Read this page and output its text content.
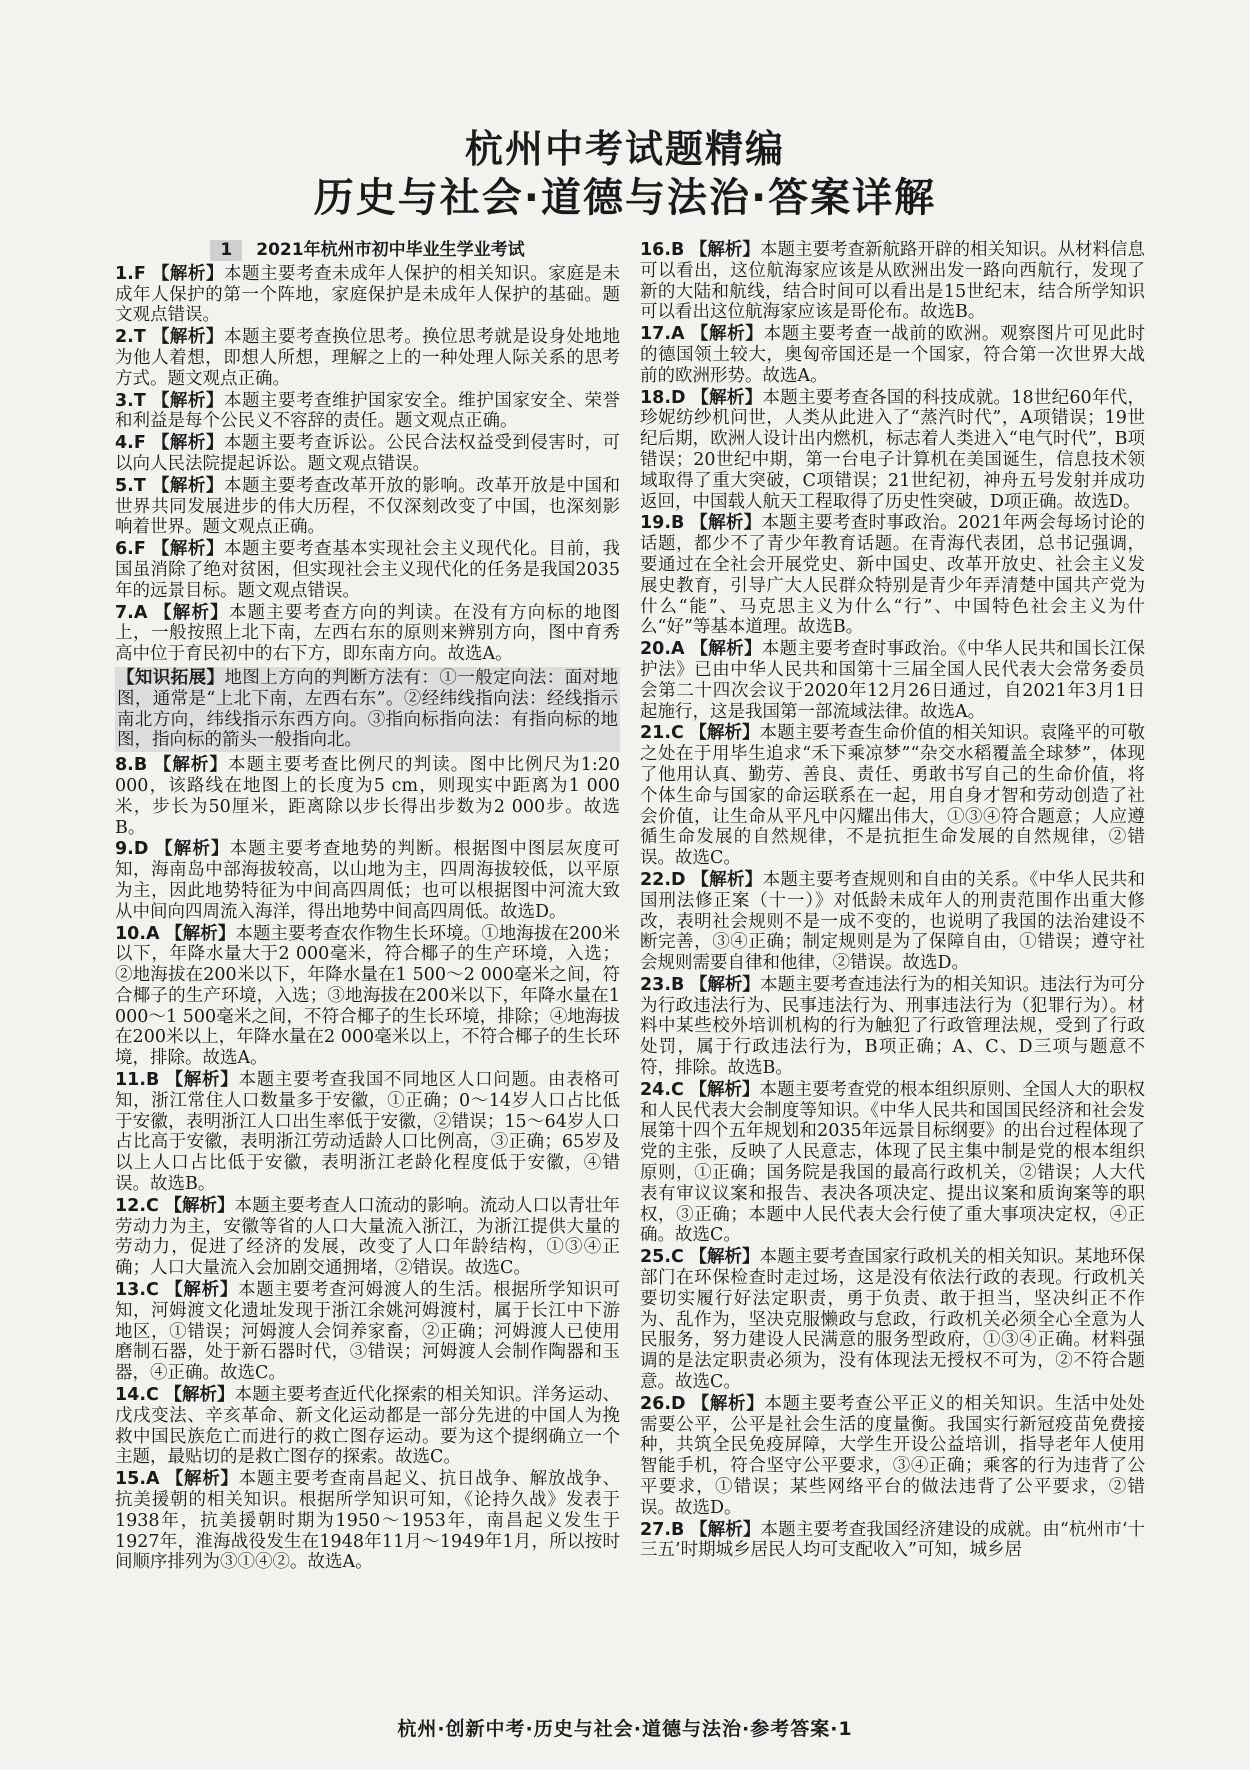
杭州中考试题精编
历史与社会·道德与法治·答案详解
1 2021年杭州市初中毕业生学业考试

1.F 【解析】本题主要考查未成年人保护的相关知识。家庭是未成年人保护的第一个阵地，家庭保护是未成年人保护的基础。题文观点错误。

2.T 【解析】本题主要考查换位思考。换位思考就是设身处地地为他人着想，即想人所想，理解之上的一种处理人际关系的思考方式。题文观点正确。

3.T 【解析】本题主要考查维护国家安全。维护国家安全、荣誉和利益是每个公民义不容辞的责任。题文观点正确。

4.F 【解析】本题主要考查诉讼。公民合法权益受到侵害时，可以向人民法院提起诉讼。题文观点错误。

5.T 【解析】本题主要考查改革开放的影响。改革开放是中国和世界共同发展进步的伟大历程，不仅深刻改变了中国，也深刻影响着世界。题文观点正确。

6.F 【解析】本题主要考查基本实现社会主义现代化。目前，我国虽消除了绝对贫困，但实现社会主义现代化的任务是我国2035年的远景目标。题文观点错误。

7.A 【解析】本题主要考查方向的判读。在没有方向标的地图上，一般按照上北下南，左西右东的原则来辨别方向，图中育秀高中位于育民初中的右下方，即东南方向。故选A。

【知识拓展】地图上方向的判断方法有：①一般定向法：面对地图，通常是“上北下南，左西右东”。②经纬线指向法：经线指示南北方向，纬线指示东西方向。③指向标指向法：有指向标的地图，指向标的箭头一般指向北。

8.B 【解析】本题主要考查比例尺的判读。图中比例尺为1:20 000，该路线在地图上的长度为5 cm，则现实中距离为1 000米，步长为50厘米，距离除以步长得出步数为2 000步。故选B。

9.D 【解析】本题主要考查地势的判断。根据图中图层灰度可知，海南岛中部海拔较高，以山地为主，四周海拔较低，以平原为主，因此地势特征为中间高四周低；也可以根据图中河流大致从中间向四周流入海洋，得出地势中间高四周低。故选D。

10.A 【解析】本题主要考查农作物生长环境。①地海拔在200米以下，年降水量大于2 000毫米，符合椰子的生产环境，入选；②地海拔在200米以下，年降水量在1 500～2 000毫米之间，符合椰子的生产环境，入选；③地海拔在200米以下，年降水量在1 000～1 500毫米之间，不符合椰子的生长环境，排除；④地海拔在200米以上，年降水量在2 000毫米以上，不符合椰子的生长环境，排除。故选A。

11.B 【解析】本题主要考查我国不同地区人口问题。由表格可知，浙江常住人口数量多于安徽，①正确；0～14岁人口占比低于安徽，表明浙江人口出生率低于安徽，②错误；15～64岁人口占比高于安徽，表明浙江劳动适龄人口比例高，③正确；65岁及以上人口占比低于安徽，表明浙江老龄化程度低于安徽，④错误。故选B。

12.C 【解析】本题主要考查人口流动的影响。流动人口以青壮年劳动力为主，安徽等省的人口大量流入浙江，为浙江提供大量的劳动力，促进了经济的发展，改变了人口年龄结构，①③④正确；人口大量流入会加剧交通拥堵，②错误。故选C。

13.C 【解析】本题主要考查河姆渡人的生活。根据所学知识可知，河姆渡文化遗址发现于浙江余姚河姆渡村，属于长江中下游地区，①错误；河姆渡人会饲养家畜，②正确；河姆渡人已使用磨制石器，处于新石器时代，③错误；河姆渡人会制作陶器和玉器，④正确。故选C。

14.C 【解析】本题主要考查近代化探索的相关知识。洋务运动、戊戌变法、辛亥革命、新文化运动都是一部分先进的中国人为挽救中国民族危亡而进行的救亡图存运动。要为这个提纲确立一个主题，最贴切的是救亡图存的探索。故选C。

15.A 【解析】本题主要考查南昌起义、抗日战争、解放战争、抗美援朝的相关知识。根据所学知识可知，《论持久战》发表于1938年，抗美援朝时期为1950～1953年，南昌起义发生于1927年，淮海战役发生在1948年11月～1949年1月，所以按时间顺序排列为③①④②。故选A。

16.B 【解析】本题主要考查新航路开辟的相关知识。从材料信息可以看出，这位航海家应该是从欧洲出发一路向西航行，发现了新的大陆和航线，结合时间可以看出是15世纪末，结合所学知识可以看出这位航海家应该是哥伦布。故选B。

17.A 【解析】本题主要考查一战前的欧洲。观察图片可见此时的德国领土较大，奥匈帝国还是一个国家，符合第一次世界大战前的欧洲形势。故选A。

18.D 【解析】本题主要考查各国的科技成就。18世纪60年代，珍妮纺纱机问世，人类从此进入了“蒸汽时代”，A项错误；19世纪后期，欧洲人设计出内燃机，标志着人类进入“电气时代”，B项错误；20世纪中期，第一台电子计算机在美国诞生，信息技术领域取得了重大突破，C项错误；21世纪初，神舟五号发射并成功返回，中国载人航天工程取得了历史性突破，D项正确。故选D。

19.B 【解析】本题主要考查时事政治。2021年两会每场讨论的话题，都少不了青少年教育话题。在青海代表团，总书记强调，要通过在全社会开展党史、新中国史、改革开放史、社会主义发展史教育，引导广大人民群众特别是青少年弄清楚中国共产党为什么“能”、马克思主义为什么“行”、中国特色社会主义为什么“好”等基本道理。故选B。

20.A 【解析】本题主要考查时事政治。《中华人民共和国长江保护法》已由中华人民共和国第十三届全国人民代表大会常务委员会第二十四次会议于2020年12月26日通过，自2021年3月1日起施行，这是我国第一部流域法律。故选A。

21.C 【解析】本题主要考查生命价值的相关知识。袁隆平的可敬之处在于用毕生追求“禾下乘凉梦”“杂交水稻覆盖全球梦”，体现了他用认真、勤劳、善良、责任、勇敢书写自己的生命价值，将个体生命与国家的命运联系在一起，用自身才智和劳动创造了社会价值，让生命从平凡中闪耀出伟大，①③④符合题意；人应遵循生命发展的自然规律，不是抗拒生命发展的自然规律，②错误。故选C。

22.D 【解析】本题主要考查规则和自由的关系。《中华人民共和国刑法修正案（十一）》对低龄未成年人的刑责范围作出重大修改，表明社会规则不是一成不变的，也说明了我国的法治建设不断完善，③④正确；制定规则是为了保障自由，①错误；遵守社会规则需要自律和他律，②错误。故选D。

23.B 【解析】本题主要考查违法行为的相关知识。违法行为可分为行政违法行为、民事违法行为、刑事违法行为（犯罪行为）。材料中某些校外培训机构的行为触犯了行政管理法规，受到了行政处罚，属于行政违法行为，B项正确；A、C、D三项与题意不符，排除。故选B。

24.C 【解析】本题主要考查党的根本组织原则、全国人大的职权和人民代表大会制度等知识。《中华人民共和国国民经济和社会发展第十四个五年规划和2035年远景目标纲要》的出台过程体现了党的主张，反映了人民意志，体现了民主集中制是党的根本组织原则，①正确；国务院是我国的最高行政机关，②错误；人大代表有审议议案和报告、表决各项决定、提出议案和质询案等的职权，③正确；本题中人民代表大会行使了重大事项决定权，④正确。故选C。

25.C 【解析】本题主要考查国家行政机关的相关知识。某地环保部门在环保检查时走过场，这是没有依法行政的表现。行政机关要切实履行好法定职责，勇于负责、敢于担当，坚决纠正不作为、乱作为，坚决克服懒政与怠政，行政机关必须全心全意为人民服务，努力建设人民满意的服务型政府，①③④正确。材料强调的是法定职责必须为，没有体现法无授权不可为，②不符合题意。故选C。

26.D 【解析】本题主要考查公平正义的相关知识。生活中处处需要公平，公平是社会生活的度量衡。我国实行新冠疫苗免费接种，共筑全民免疫屏障，大学生开设公益培训，指导老年人使用智能手机，符合坚守公平要求，③④正确；乘客的行为违背了公平要求，①错误；某些网络平台的做法违背了公平要求，②错误。故选D。

27.B 【解析】本题主要考查我国经济建设的成就。由“杭州市‘十三五’时期城乡居民人均可支配收入”可知，城乡居

杭州·创新中考·历史与社会·道德与法治·参考答案·1
